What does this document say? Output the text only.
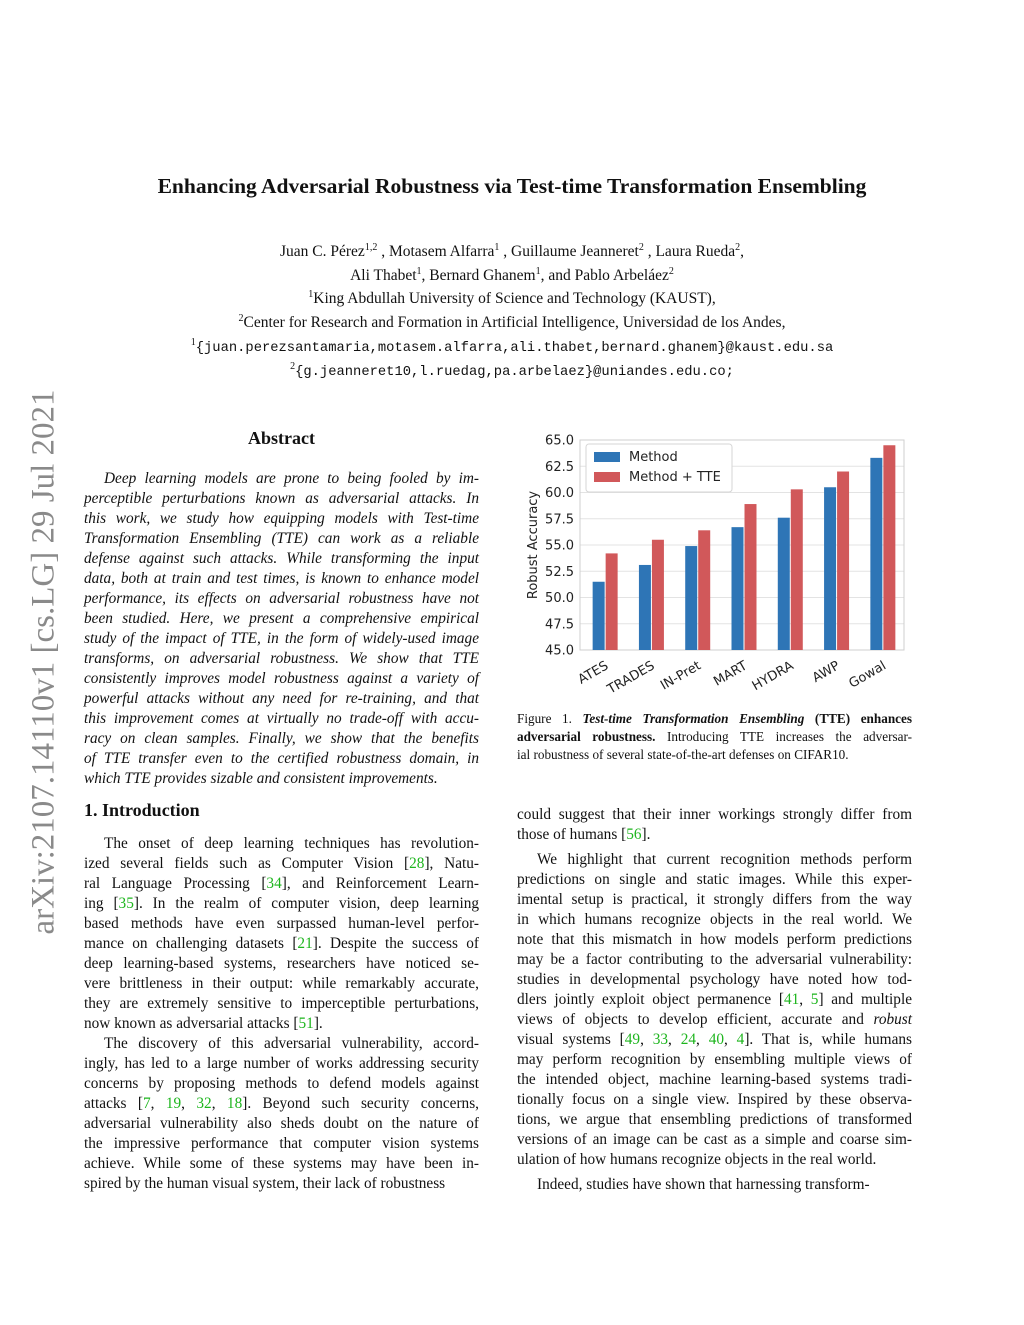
arXiv:2107.14110v1 [cs.LG] 29 Jul 2021
Enhancing Adversarial Robustness via Test-time Transformation Ensembling
Juan C. Pérez$^{1,2}$ , Motasem Alfarra$^1$ , Guillaume Jeanneret$^2$ , Laura Rueda$^2$,
Ali Thabet$^1$, Bernard Ghanem$^1$, and Pablo Arbeláez$^2$
$^1$King Abdullah University of Science and Technology (KAUST),
$^2$Center for Research and Formation in Artificial Intelligence, Universidad de los Andes,
$^1${juan.perezsantamaria,motasem.alfarra,ali.thabet,bernard.ghanem}@kaust.edu.sa
$^2${g.jeanneret10,l.ruedag,pa.arbelaez}@uniandes.edu.co;
Abstract
Deep learning models are prone to being fooled by im-
perceptible perturbations known as adversarial attacks. In
this work, we study how equipping models with Test-time
Transformation Ensembling (TTE) can work as a reliable
defense against such attacks. While transforming the input
data, both at train and test times, is known to enhance model
performance, its effects on adversarial robustness have not
been studied. Here, we present a comprehensive empirical
study of the impact of TTE, in the form of widely-used image
transforms, on adversarial robustness. We show that TTE
consistently improves model robustness against a variety of
powerful attacks without any need for re-training, and that
this improvement comes at virtually no trade-off with accu-
racy on clean samples. Finally, we show that the benefits
of TTE transfer even to the certified robustness domain, in
which TTE provides sizable and consistent improvements.
1. Introduction
The onset of deep learning techniques has revolution-
ized several fields such as Computer Vision [28], Natu-
ral Language Processing [34], and Reinforcement Learn-
ing [35]. In the realm of computer vision, deep learning
based methods have even surpassed human-level perfor-
mance on challenging datasets [21]. Despite the success of
deep learning-based systems, researchers have noticed se-
vere brittleness in their output: while remarkably accurate,
they are extremely sensitive to imperceptible perturbations,
now known as adversarial attacks [51].
The discovery of this adversarial vulnerability, accord-
ingly, has led to a large number of works addressing security
concerns by proposing methods to defend models against
attacks [7, 19, 32, 18]. Beyond such security concerns,
adversarial vulnerability also sheds doubt on the nature of
the impressive performance that computer vision systems
achieve. While some of these systems may have been in-
spired by the human visual system, their lack of robustness
45.0
47.5
50.0
52.5
55.0
57.5
60.0
62.5
65.0
ATES
TRADES IN-Pret MART HYDRA AWP Gowal
Robust Accuracy
Method
Method + TTE
Figure 1. Test-time Transformation Ensembling (TTE) enhances
adversarial robustness. Introducing TTE increases the adversar-
ial robustness of several state-of-the-art defenses on CIFAR10.
could suggest that their inner workings strongly differ from
those of humans [56].
We highlight that current recognition methods perform
predictions on single and static images. While this exper-
imental setup is practical, it strongly differs from the way
in which humans recognize objects in the real world. We
note that this mismatch in how models perform predictions
may be a factor contributing to the adversarial vulnerability:
studies in developmental psychology have noted how tod-
dlers jointly exploit object permanence [41, 5] and multiple
views of objects to develop efficient, accurate and robust
visual systems [49, 33, 24, 40, 4]. That is, while humans
may perform recognition by ensembling multiple views of
the intended object, machine learning-based systems tradi-
tionally focus on a single view. Inspired by these observa-
tions, we argue that ensembling predictions of transformed
versions of an image can be cast as a simple and coarse sim-
ulation of how humans recognize objects in the real world.
Indeed, studies have shown that harnessing transform-
